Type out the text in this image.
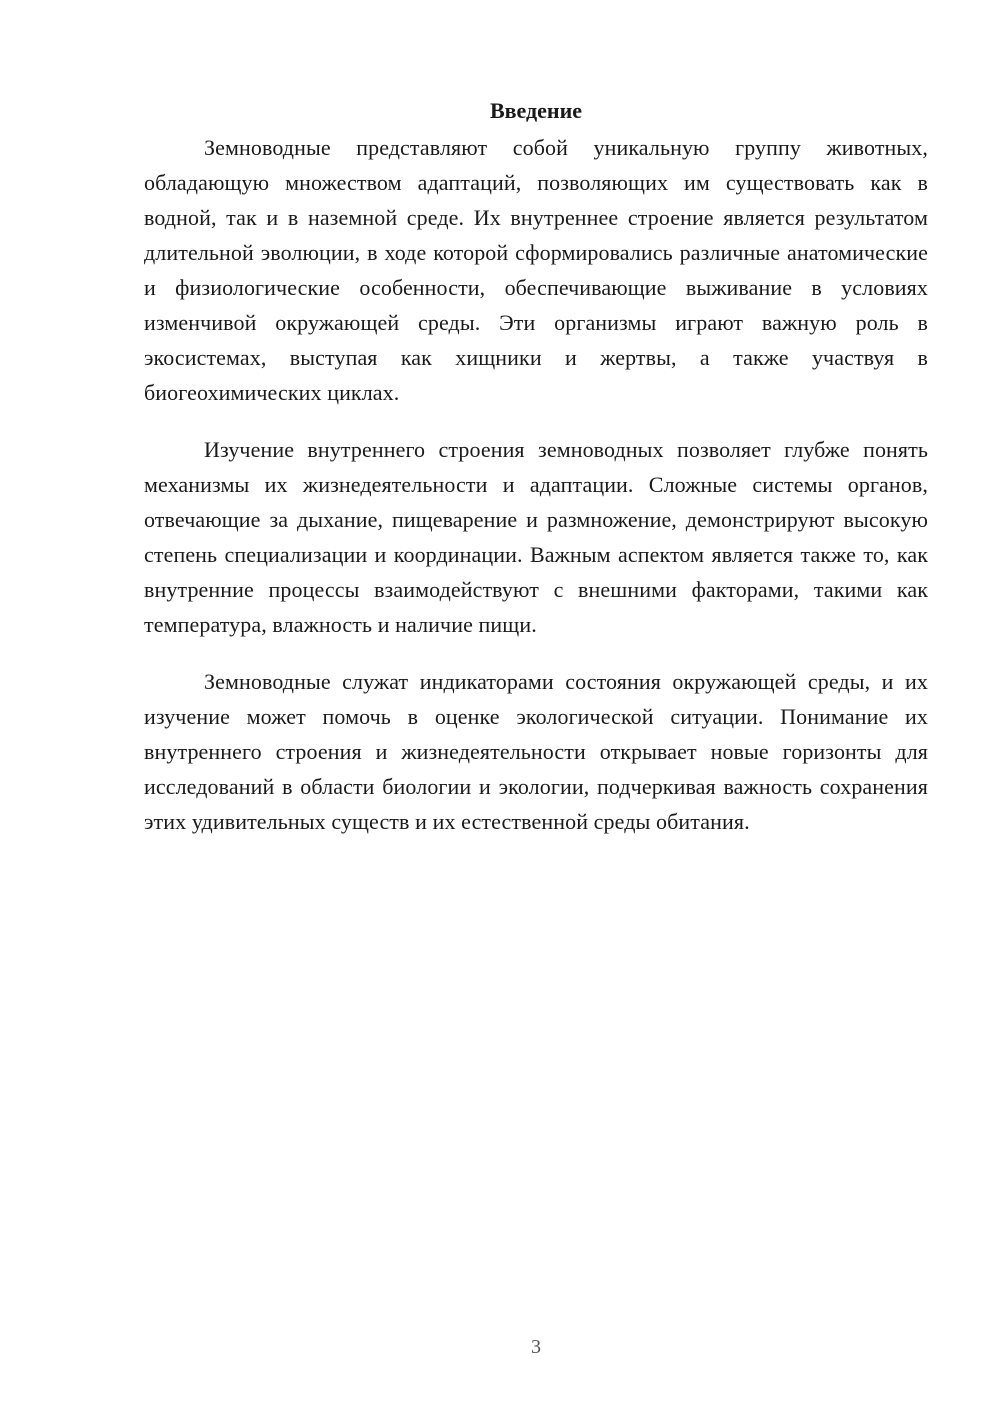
Введение

Земноводные представляют собой уникальную группу животных, обладающую множеством адаптаций, позволяющих им существовать как в водной, так и в наземной среде. Их внутреннее строение является результатом длительной эволюции, в ходе которой сформировались различные анатомические и физиологические особенности, обеспечивающие выживание в условиях изменчивой окружающей среды. Эти организмы играют важную роль в экосистемах, выступая как хищники и жертвы, а также участвуя в биогеохимических циклах.

Изучение внутреннего строения земноводных позволяет глубже понять механизмы их жизнедеятельности и адаптации. Сложные системы органов, отвечающие за дыхание, пищеварение и размножение, демонстрируют высокую степень специализации и координации. Важным аспектом является также то, как внутренние процессы взаимодействуют с внешними факторами, такими как температура, влажность и наличие пищи.

Земноводные служат индикаторами состояния окружающей среды, и их изучение может помочь в оценке экологической ситуации. Понимание их внутреннего строения и жизнедеятельности открывает новые горизонты для исследований в области биологии и экологии, подчеркивая важность сохранения этих удивительных существ и их естественной среды обитания.

3
